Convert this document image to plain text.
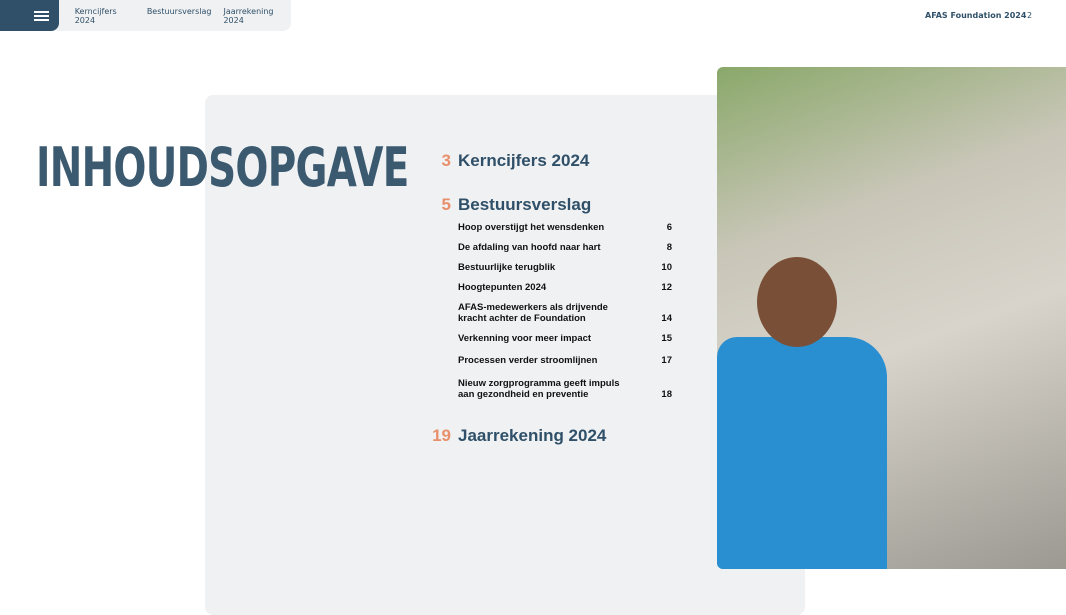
Kerncijfers 2024
Bestuursverslag Jaarrekening 2024	AFAS Foundation 2024 2
INHOUDSOPGAVE	3 Kerncijfers 2024
5 Bestuursverslag
19 Jaarrekening 2024
Hoop overstijgt het wensdenken	6
De afdaling van hoofd naar hart	8
Bestuurlijke terugblik	10
Hoogtepunten 2024	12
AFAS-medewerkers als drijvende kracht achter de Foundation	14
Verkenning voor meer impact	15
Processen verder stroomlijnen	17
Nieuw zorgprogramma geeft impuls aan gezondheid en preventie	18
